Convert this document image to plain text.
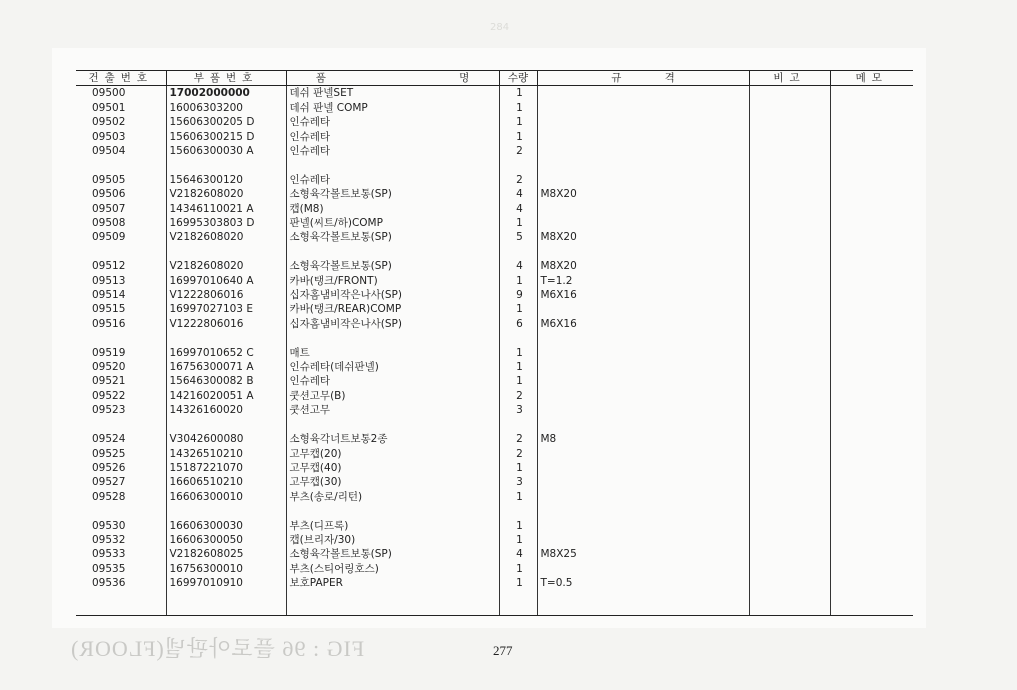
284
건출번호	부품번호	품 명	수량	규 격	비고	메모
09500	17002000000	데쉬 판넬SET	1			
09501	16006303200	데쉬 판넬 COMP	1			
09502	15606300205 D	인슈레타	1			
09503	15606300215 D	인슈레타	1			
09504	15606300030 A	인슈레타	2			

09505	15646300120	인슈레타	2			
09506	V2182608020	소형육각볼트보통(SP)	4	M8X20		
09507	14346110021 A	캡(M8)	4			
09508	16995303803 D	판넬(씨트/하)COMP	1			
09509	V2182608020	소형육각볼트보통(SP)	5	M8X20		

09512	V2182608020	소형육각볼트보통(SP)	4	M8X20		
09513	16997010640 A	카바(탱크/FRONT)	1	T=1.2		
09514	V1222806016	십자홈냄비작은나사(SP)	9	M6X16		
09515	16997027103 E	카바(탱크/REAR)COMP	1			
09516	V1222806016	십자홈냄비작은나사(SP)	6	M6X16		

09519	16997010652 C	매트	1			
09520	16756300071 A	인슈레타(데쉬판넬)	1			
09521	15646300082 B	인슈레타	1			
09522	14216020051 A	쿳션고무(B)	2			
09523	14326160020	쿳션고무	3			

09524	V3042600080	소형육각너트보통2종	2	M8		
09525	14326510210	고무캡(20)	2			
09526	15187221070	고무캡(40)	1			
09527	16606510210	고무캡(30)	3			
09528	16606300010	부츠(송로/리턴)	1			

09530	16606300030	부츠(디프록)	1			
09532	16606300050	캡(브리자/30)	1			
09533	V2182608025	소형육각볼트보통(SP)	4	M8X25		
09535	16756300010	부츠(스티어링호스)	1			
09536	16997010910	보호PAPER	1	T=0.5		

277
FIG : 96 플로아판넬(FLOOR)
